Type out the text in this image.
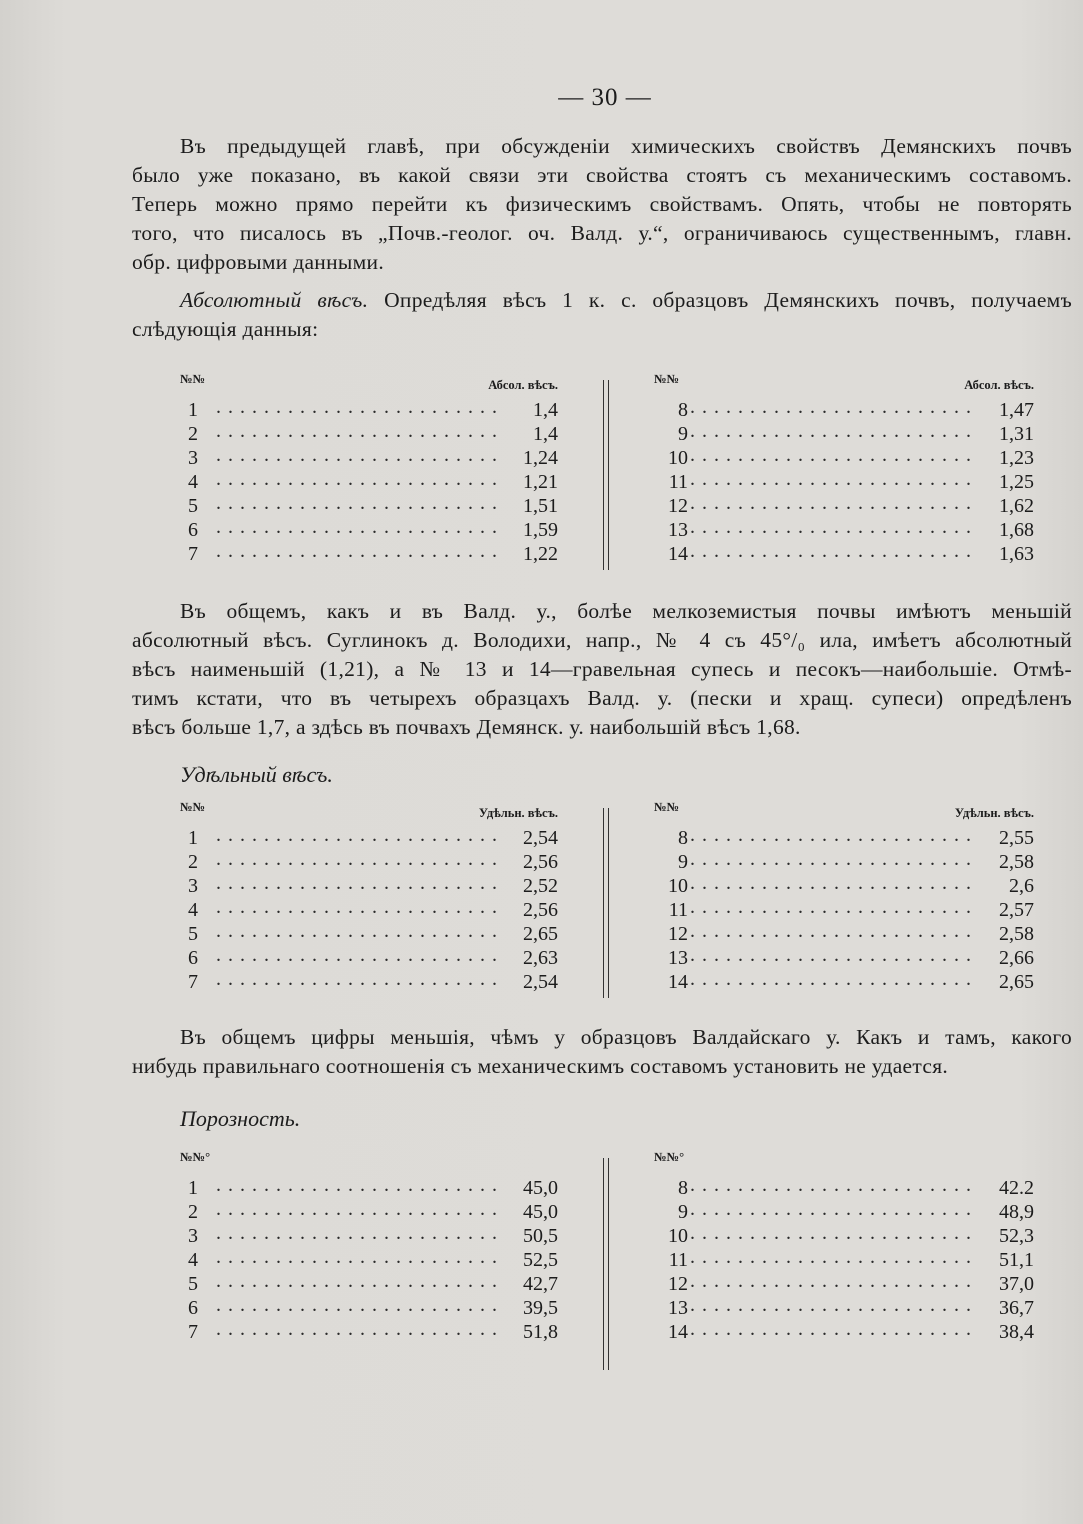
— 30 —
Въ предыдущей главѣ, при обсужденіи химическихъ свойствъ Демянскихъ почвъ
было уже показано, въ какой связи эти свойства стоятъ съ механическимъ составомъ.
Теперь можно прямо перейти къ физическимъ свойствамъ. Опять, чтобы не повторять
того, что писалось въ „Почв.-геолог. оч. Валд. у.“, ограничиваюсь существеннымъ, главн.
обр. цифровыми данными.
Абсолютный вѣсъ. Опредѣляя вѣсъ 1 к. с. образцовъ Демянскихъ почвъ, получаемъ
слѣдующія данныя:
№№	Абсол. вѣсъ.
1 ........................	1,4
2 ........................	1,4
3 ........................ 1,24
4 ........................ 1,21
5 ........................ 1,51
6 ........................ 1,59
7 ........................ 1,22
№№	Абсол. вѣсъ.
8 ........................	1,47
9 ........................	1,31
10 ........................	1,23
11 ........................	1,25
12 ........................	1,62
13 ........................	1,68
14 ........................	1,63
Въ общемъ, какъ и въ Валд. у., болѣе мелкоземистыя почвы имѣютъ меньшій
абсолютный вѣсъ. Суглинокъ д. Володихи, напр., № 4 съ 45°/₀ ила, имѣетъ абсолютный
вѣсъ наименьшій (1,21), а № 13 и 14—гравельная супесь и песокъ—наибольшіе. Отмѣ-
тимъ кстати, что въ четырехъ образцахъ Валд. у. (пески и хращ. супеси) опредѣленъ
вѣсъ больше 1,7, а здѣсь въ почвахъ Демянск. у. наибольшій вѣсъ 1,68.
Удѣльный вѣсъ.
№№	Удѣльн. вѣсъ.
1 ........................ 2,54
2 ........................ 2,56
3 ........................ 2,52
4 ........................ 2,56
5 ........................ 2,65
6 ........................ 2,63
7 ........................ 2,54
№№	Удѣльн. вѣсъ.
8 ........................	2,55
9 ........................	2,58
10 ........................	2,6
11 ........................	2,57
12 ........................	2,58
13 ........................	2,66
14 ........................	2,65
Въ общемъ цифры меньшія, чѣмъ у образцовъ Валдайскаго у. Какъ и тамъ, какого
нибудь правильнаго соотношенія съ механическимъ составомъ установить не удается.
Порозность.
№№°
1 ........................ 45,0
2 ........................ 45,0
3 ........................ 50,5
4 ........................ 52,5
5 ........................ 42,7
6 ........................ 39,5
7 ........................ 51,8
№№°
8 ........................	42.2
9 ........................	48,9
10 ........................	52,3
11 ........................	51,1
12 ........................	37,0
13 ........................	36,7
14 ........................	38,4
